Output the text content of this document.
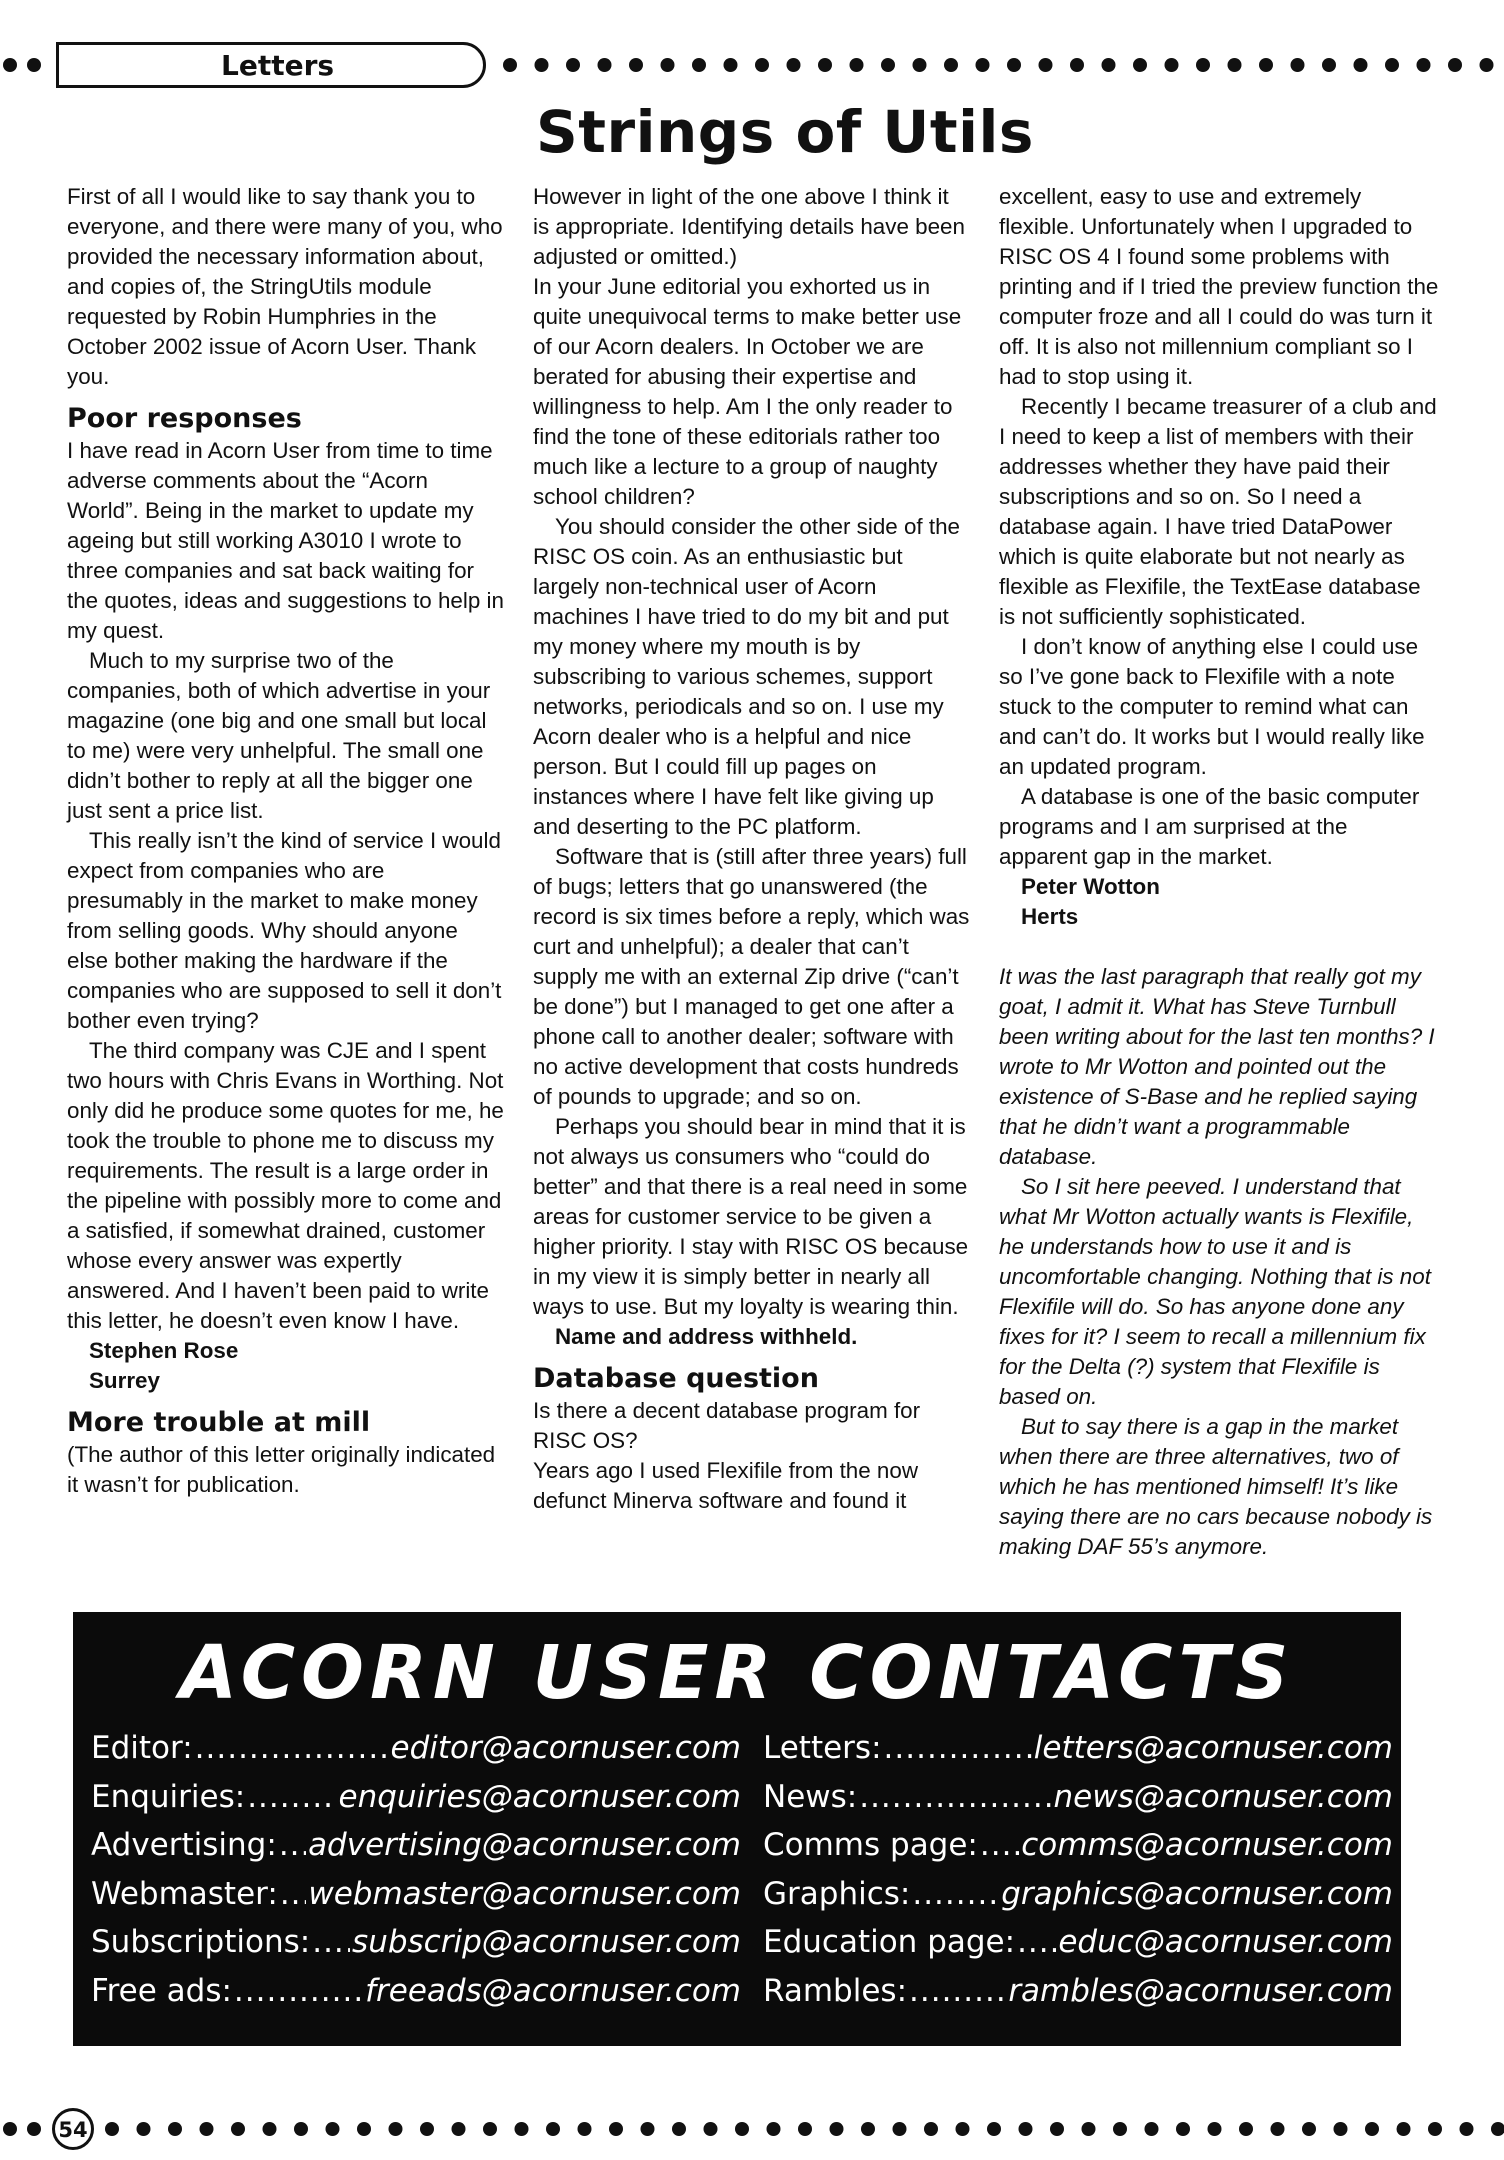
Letters
Strings of Utils

First of all I would like to say thank you to everyone, and there were many of you, who provided the necessary information about, and copies of, the StringUtils module requested by Robin Humphries in the October 2002 issue of Acorn User. Thank you.

Poor responses

I have read in Acorn User from time to time adverse comments about the “Acorn World”. Being in the market to update my ageing but still working A3010 I wrote to three companies and sat back waiting for the quotes, ideas and suggestions to help in my quest.

Much to my surprise two of the companies, both of which advertise in your magazine (one big and one small but local to me) were very unhelpful. The small one didn’t bother to reply at all the bigger one just sent a price list.

This really isn’t the kind of service I would expect from companies who are presumably in the market to make money from selling goods. Why should anyone else bother making the hardware if the companies who are supposed to sell it don’t bother even trying?

The third company was CJE and I spent two hours with Chris Evans in Worthing. Not only did he produce some quotes for me, he took the trouble to phone me to discuss my requirements. The result is a large order in the pipeline with possibly more to come and a satisfied, if somewhat drained, customer whose every answer was expertly answered. And I haven’t been paid to write this letter, he doesn’t even know I have.

Stephen Rose
Surrey
More trouble at mill

(The author of this letter originally indicated it wasn’t for publication.

However in light of the one above I think it is appropriate. Identifying details have been adjusted or omitted.)

In your June editorial you exhorted us in quite unequivocal terms to make better use of our Acorn dealers. In October we are berated for abusing their expertise and willingness to help. Am I the only reader to find the tone of these editorials rather too much like a lecture to a group of naughty school children?

You should consider the other side of the RISC OS coin. As an enthusiastic but largely non-technical user of Acorn machines I have tried to do my bit and put my money where my mouth is by subscribing to various schemes, support networks, periodicals and so on. I use my Acorn dealer who is a helpful and nice person. But I could fill up pages on instances where I have felt like giving up and deserting to the PC platform.

Software that is (still after three years) full of bugs; letters that go unanswered (the record is six times before a reply, which was curt and unhelpful); a dealer that can’t supply me with an external Zip drive (“can’t be done”) but I managed to get one after a phone call to another dealer; software with no active development that costs hundreds of pounds to upgrade; and so on.

Perhaps you should bear in mind that it is not always us consumers who “could do better” and that there is a real need in some areas for customer service to be given a higher priority. I stay with RISC OS because in my view it is simply better in nearly all ways to use. But my loyalty is wearing thin.

Name and address withheld.
Database question

Is there a decent database program for RISC OS?

Years ago I used Flexifile from the now defunct Minerva software and found it

excellent, easy to use and extremely flexible. Unfortunately when I upgraded to RISC OS 4 I found some problems with printing and if I tried the preview function the computer froze and all I could do was turn it off. It is also not millennium compliant so I had to stop using it.

Recently I became treasurer of a club and I need to keep a list of members with their addresses whether they have paid their subscriptions and so on. So I need a database again. I have tried DataPower which is quite elaborate but not nearly as flexible as Flexifile, the TextEase database is not sufficiently sophisticated.

I don’t know of anything else I could use so I’ve gone back to Flexifile with a note stuck to the computer to remind what can and can’t do. It works but I would really like an updated program.

A database is one of the basic computer programs and I am surprised at the apparent gap in the market.

Peter Wotton
Herts

It was the last paragraph that really got my goat, I admit it. What has Steve Turnbull been writing about for the last ten months? I wrote to Mr Wotton and pointed out the existence of S-Base and he replied saying that he didn’t want a programmable database.

So I sit here peeved. I understand that what Mr Wotton actually wants is Flexifile, he understands how to use it and is uncomfortable changing. Nothing that is not Flexifile will do. So has anyone done any fixes for it? I seem to recall a millennium fix for the Delta (?) system that Flexifile is based on.

But to say there is a gap in the market when there are three alternatives, two of which he has mentioned himself! It’s like saying there are no cars because nobody is making DAF 55’s anymore.

ACORN USER CONTACTS
Editor: .....	editor@acornuser.com
Enquiries: .....	enquiries@acornuser.com
Advertising: ..... advertising@acornuser.com
Webmaster: ..... webmaster@acornuser.com
Subscriptions: ..... subscrip@acornuser.com
Free ads: .....	freeads@acornuser.com
Letters: .....	letters@acornuser.com
News: .....	news@acornuser.com
Comms page: ..... comms@acornuser.com
Graphics: .....	graphics@acornuser.com
Education page: ..... educ@acornuser.com
Rambles: .....	rambles@acornuser.com
54
